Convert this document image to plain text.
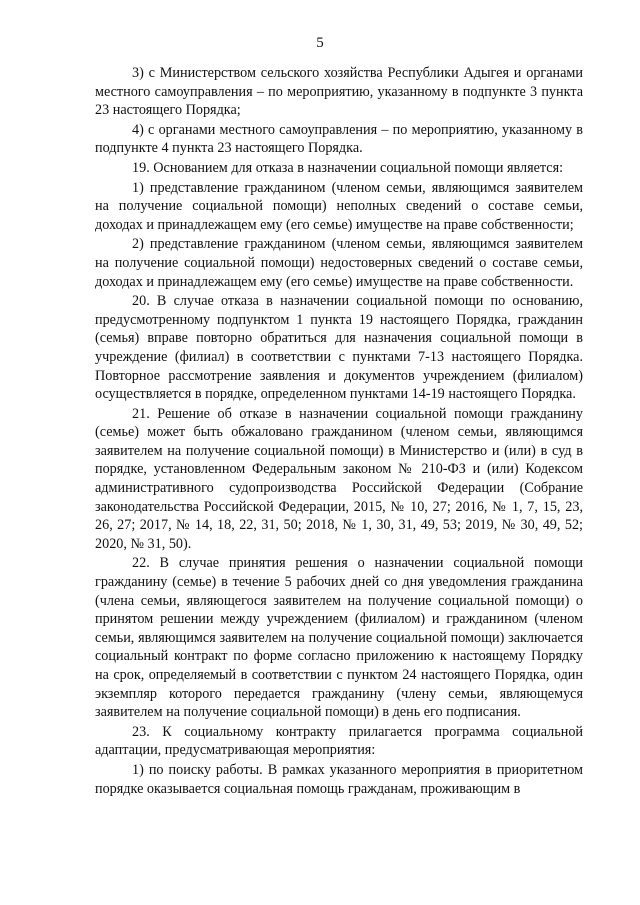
5

3) с Министерством сельского хозяйства Республики Адыгея и органами местного самоуправления – по мероприятию, указанному в подпункте 3 пункта 23 настоящего Порядка;

4) с органами местного самоуправления – по мероприятию, указанному в подпункте 4 пункта 23 настоящего Порядка.

19. Основанием для отказа в назначении социальной помощи является:

1) представление гражданином (членом семьи, являющимся заявителем на получение социальной помощи) неполных сведений о составе семьи, доходах и принадлежащем ему (его семье) имуществе на праве собственности;

2) представление гражданином (членом семьи, являющимся заявителем на получение социальной помощи) недостоверных сведений о составе семьи, доходах и принадлежащем ему (его семье) имуществе на праве собственности.

20. В случае отказа в назначении социальной помощи по основанию, предусмотренному подпунктом 1 пункта 19 настоящего Порядка, гражданин (семья) вправе повторно обратиться для назначения социальной помощи в учреждение (филиал) в соответствии с пунктами 7-13 настоящего Порядка. Повторное рассмотрение заявления и документов учреждением (филиалом) осуществляется в порядке, определенном пунктами 14-19 настоящего Порядка.

21. Решение об отказе в назначении социальной помощи гражданину (семье) может быть обжаловано гражданином (членом семьи, являющимся заявителем на получение социальной помощи) в Министерство и (или) в суд в порядке, установленном Федеральным законом № 210-ФЗ и (или) Кодексом административного судопроизводства Российской Федерации (Собрание законодательства Российской Федерации, 2015, № 10, 27; 2016, № 1, 7, 15, 23, 26, 27; 2017, № 14, 18, 22, 31, 50; 2018, № 1, 30, 31, 49, 53; 2019, № 30, 49, 52; 2020, № 31, 50).

22. В случае принятия решения о назначении социальной помощи гражданину (семье) в течение 5 рабочих дней со дня уведомления гражданина (члена семьи, являющегося заявителем на получение социальной помощи) о принятом решении между учреждением (филиалом) и гражданином (членом семьи, являющимся заявителем на получение социальной помощи) заключается социальный контракт по форме согласно приложению к настоящему Порядку на срок, определяемый в соответствии с пунктом 24 настоящего Порядка, один экземпляр которого передается гражданину (члену семьи, являющемуся заявителем на получение социальной помощи) в день его подписания.

23. К социальному контракту прилагается программа социальной адаптации, предусматривающая мероприятия:

1) по поиску работы. В рамках указанного мероприятия в приоритетном порядке оказывается социальная помощь гражданам, проживающим в
